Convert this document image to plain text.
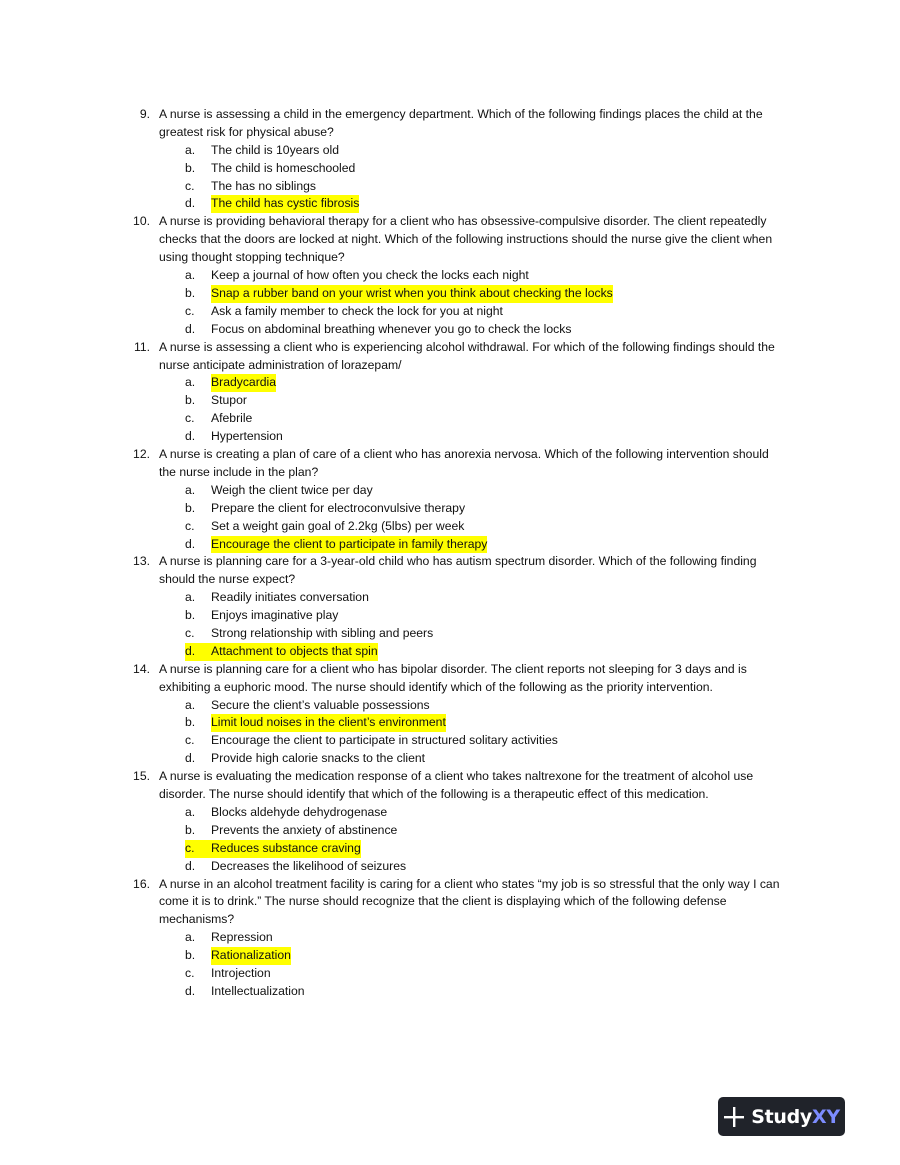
9. A nurse is assessing a child in the emergency department. Which of the following findings places the child at the greatest risk for physical abuse?
a.	The child is 10years old
b.	The child is homeschooled
c.	The has no siblings
d.	The child has cystic fibrosis
10. A nurse is providing behavioral therapy for a client who has obsessive-compulsive disorder. The client repeatedly checks that the doors are locked at night. Which of the following instructions should the nurse give the client when using thought stopping technique?
a.	Keep a journal of how often you check the locks each night
b.	Snap a rubber band on your wrist when you think about checking the locks
c.	Ask a family member to check the lock for you at night
d.	Focus on abdominal breathing whenever you go to check the locks
11. A nurse is assessing a client who is experiencing alcohol withdrawal. For which of the following findings should the nurse anticipate administration of lorazepam/
a.	Bradycardia
b.	Stupor
c.	Afebrile
d.	Hypertension
12. A nurse is creating a plan of care of a client who has anorexia nervosa. Which of the following intervention should the nurse include in the plan?
a.	Weigh the client twice per day
b.	Prepare the client for electroconvulsive therapy
c.	Set a weight gain goal of 2.2kg (5lbs) per week
d.	Encourage the client to participate in family therapy
13. A nurse is planning care for a 3-year-old child who has autism spectrum disorder. Which of the following finding should the nurse expect?
a.	Readily initiates conversation
b.	Enjoys imaginative play
c.	Strong relationship with sibling and peers
d.	Attachment to objects that spin
14. A nurse is planning care for a client who has bipolar disorder. The client reports not sleeping for 3 days and is exhibiting a euphoric mood. The nurse should identify which of the following as the priority intervention.
a.	Secure the client’s valuable possessions
b.	Limit loud noises in the client’s environment
c.	Encourage the client to participate in structured solitary activities
d.	Provide high calorie snacks to the client
15. A nurse is evaluating the medication response of a client who takes naltrexone for the treatment of alcohol use disorder. The nurse should identify that which of the following is a therapeutic effect of this medication.
a.	Blocks aldehyde dehydrogenase
b.	Prevents the anxiety of abstinence
c.	Reduces substance craving
d.	Decreases the likelihood of seizures
16. A nurse in an alcohol treatment facility is caring for a client who states “my job is so stressful that the only way I can come it is to drink.” The nurse should recognize that the client is displaying which of the following defense mechanisms?
a.	Repression
b.	Rationalization
c.	Introjection
d.	Intellectualization
StudyXY
